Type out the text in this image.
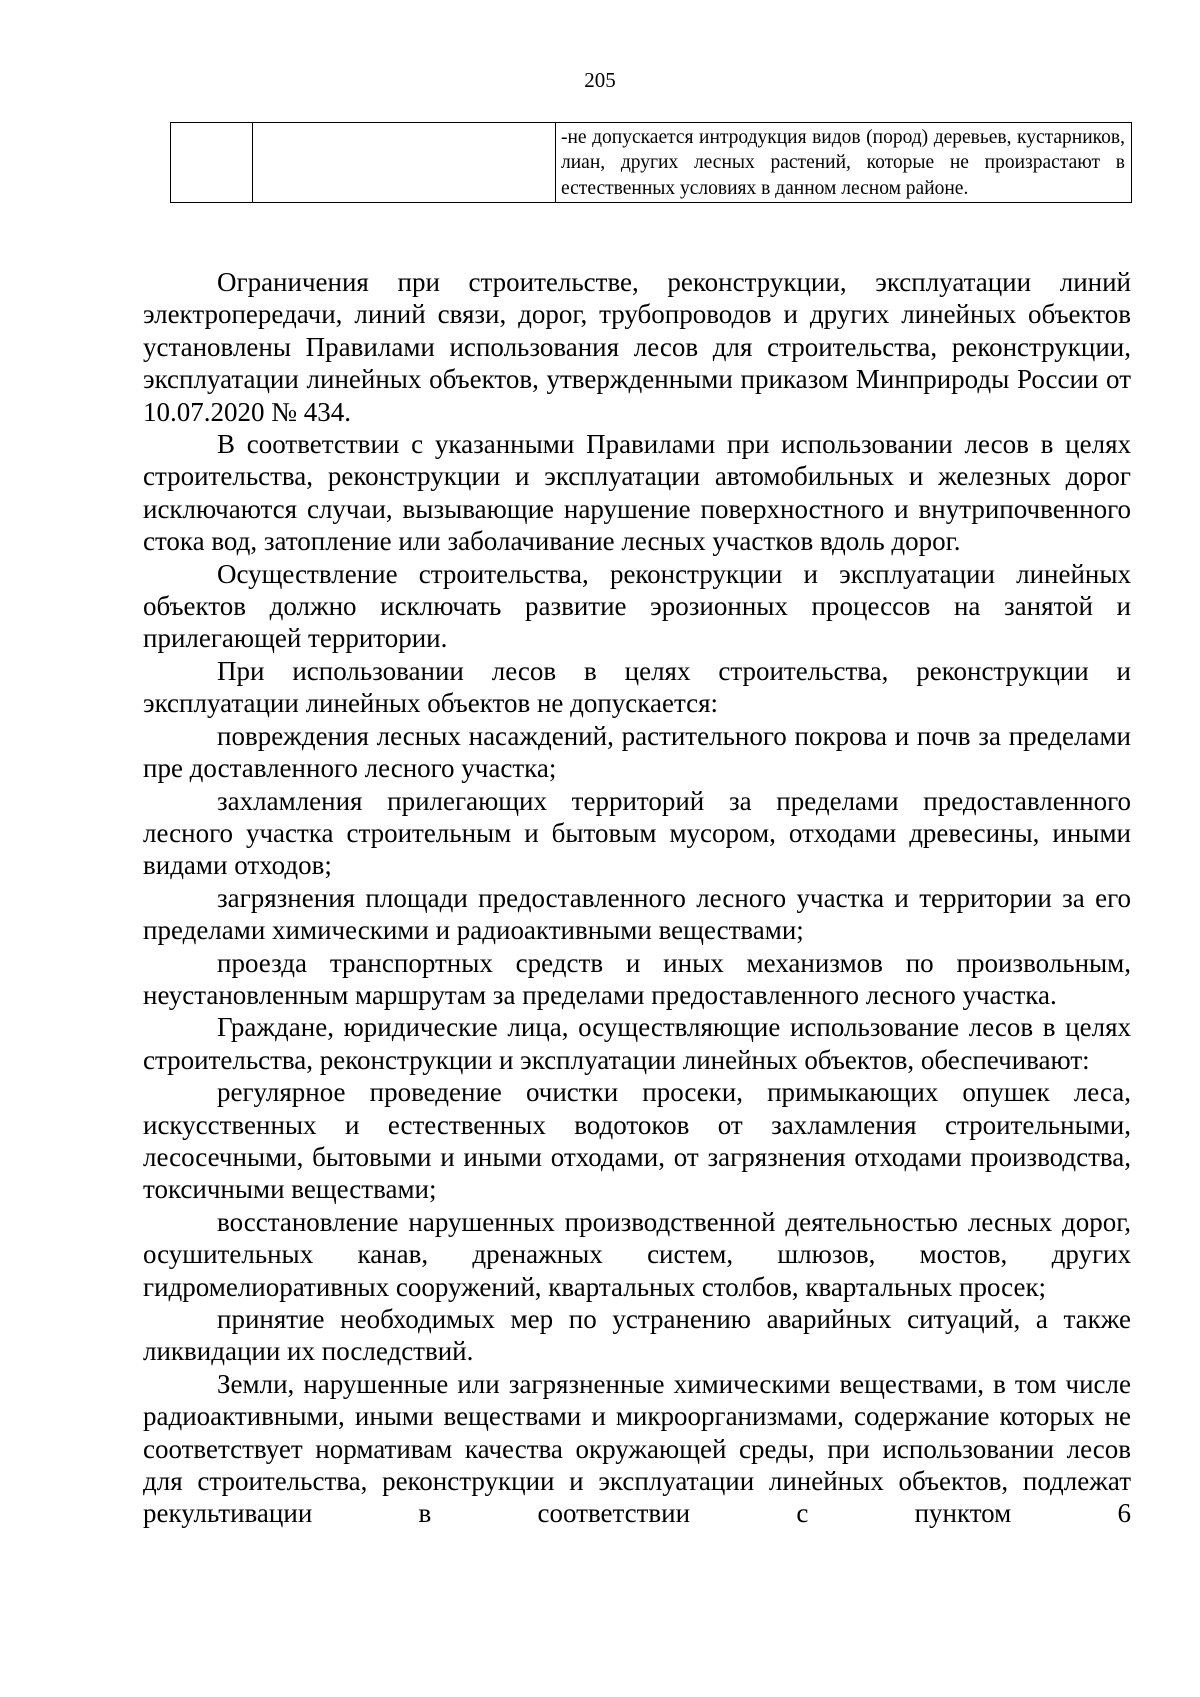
205
		-не допускается интродукция видов (пород) деревьев, кустарников, лиан, других лесных растений, которые не произрастают в естественных условиях в данном лесном районе.

Ограничения при строительстве, реконструкции, эксплуатации линий электропередачи, линий связи, дорог, трубопроводов и других линейных объектов установлены Правилами использования лесов для строительства, реконструкции, эксплуатации линейных объектов, утвержденными приказом Минприроды России от 10.07.2020 № 434.

В соответствии с указанными Правилами при использовании лесов в целях строительства, реконструкции и эксплуатации автомобильных и железных дорог исключаются случаи, вызывающие нарушение поверхностного и внутрипочвенного стока вод, затопление или заболачивание лесных участков вдоль дорог.

Осуществление строительства, реконструкции и эксплуатации линейных объектов должно исключать развитие эрозионных процессов на занятой и прилегающей территории.

При использовании лесов в целях строительства, реконструкции и эксплуатации линейных объектов не допускается:

повреждения лесных насаждений, растительного покрова и почв за пределами пре доставленного лесного участка;

захламления прилегающих территорий за пределами предоставленного лесного участка строительным и бытовым мусором, отходами древесины, иными видами отходов;

загрязнения площади предоставленного лесного участка и территории за его пределами химическими и радиоактивными веществами;

проезда транспортных средств и иных механизмов по произвольным, неустановленным маршрутам за пределами предоставленного лесного участка.

Граждане, юридические лица, осуществляющие использование лесов в целях строительства, реконструкции и эксплуатации линейных объектов, обеспечивают:

регулярное проведение очистки просеки, примыкающих опушек леса, искусственных и естественных водотоков от захламления строительными, лесосечными, бытовыми и иными отходами, от загрязнения отходами производства, токсичными веществами;

восстановление нарушенных производственной деятельностью лесных дорог, осушительных канав, дренажных систем, шлюзов, мостов, других гидромелиоративных сооружений, квартальных столбов, квартальных просек;

принятие необходимых мер по устранению аварийных ситуаций, а также ликвидации их последствий.

Земли, нарушенные или загрязненные химическими веществами, в том числе радиоактивными, иными веществами и микроорганизмами, содержание которых не соответствует нормативам качества окружающей среды, при использовании лесов для строительства, реконструкции и эксплуатации линейных объектов, подлежат рекультивации в соответствии с пунктом 6
